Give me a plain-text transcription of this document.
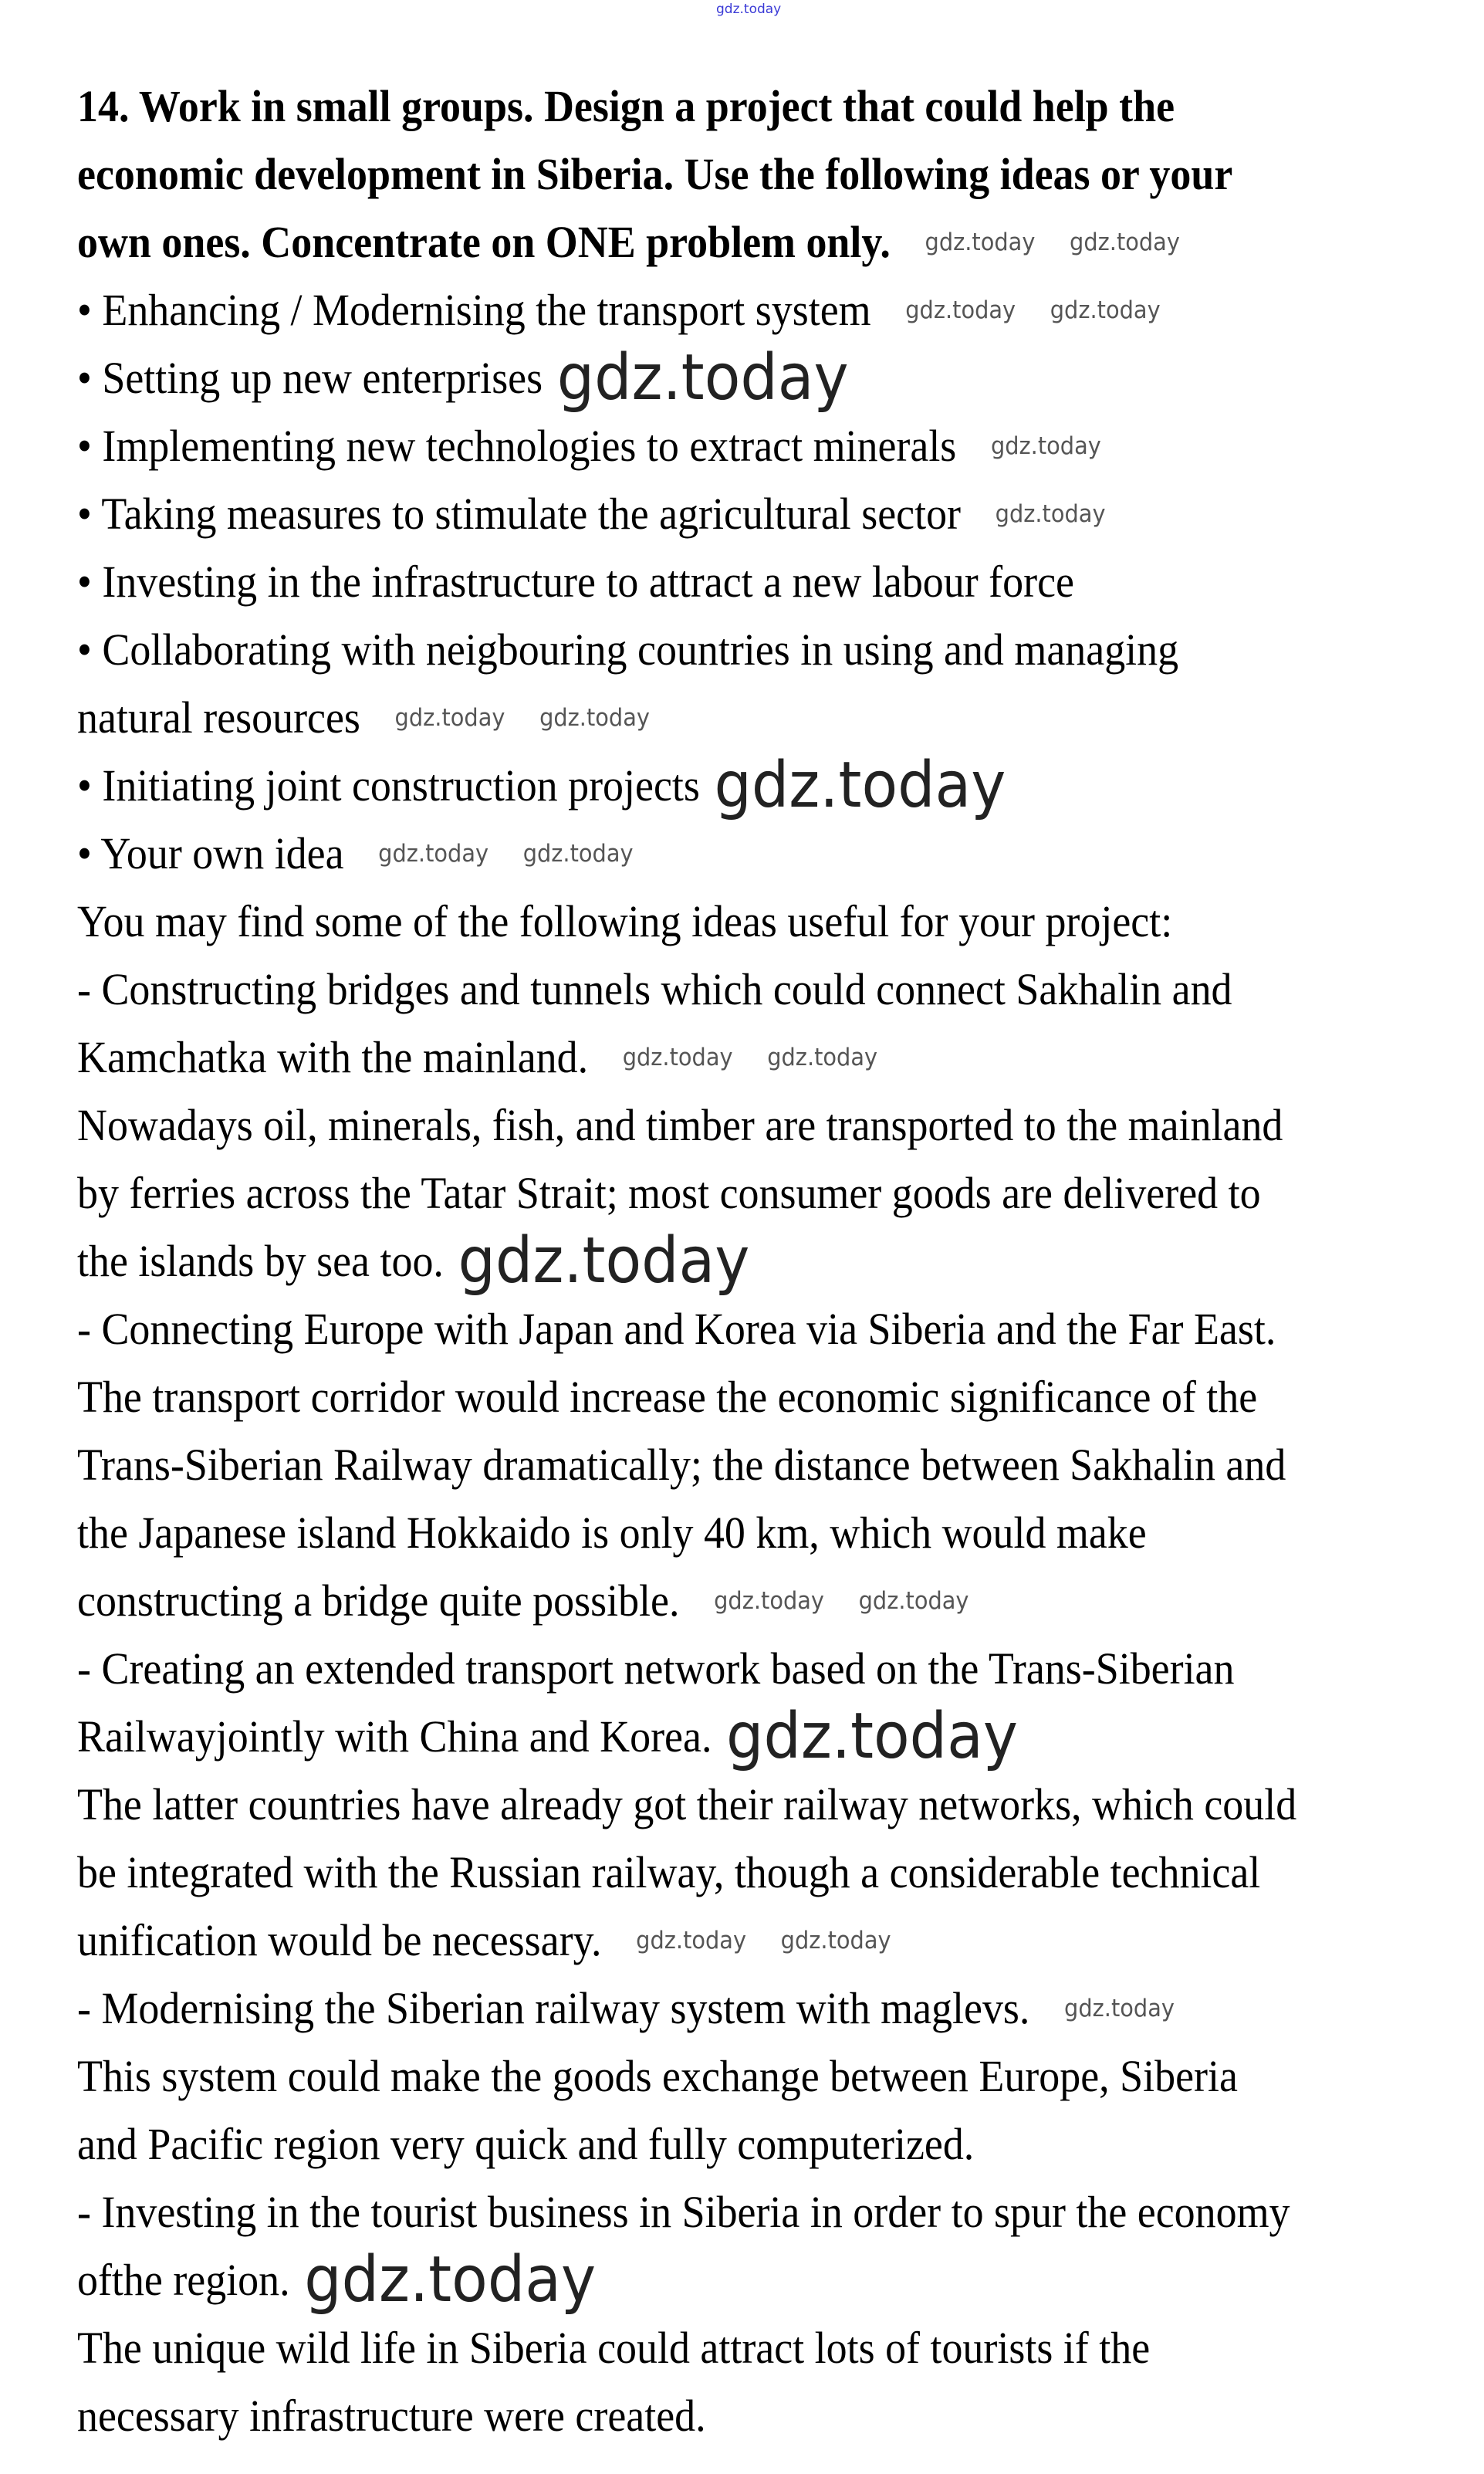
gdz.today
14. Work in small groups. Design a project that could help the
economic development in Siberia. Use the following ideas or your
own ones. Concentrate on ONE problem only. gdz.today gdz.today
• Enhancing / Modernising the transport system gdz.today gdz.today
• Setting up new enterprises gdz.today
• Implementing new technologies to extract minerals gdz.today
• Taking measures to stimulate the agricultural sector gdz.today
• Investing in the infrastructure to attract a new labour force
• Collaborating with neigbouring countries in using and managing
natural resources gdz.today gdz.today
• Initiating joint construction projects gdz.today
• Your own idea gdz.today gdz.today
You may find some of the following ideas useful for your project:
- Constructing bridges and tunnels which could connect Sakhalin and
Kamchatka with the mainland. gdz.today gdz.today
Nowadays oil, minerals, fish, and timber are transported to the mainland
by ferries across the Tatar Strait; most consumer goods are delivered to
the islands by sea too. gdz.today
- Connecting Europe with Japan and Korea via Siberia and the Far East.
The transport corridor would increase the economic significance of the
Trans-Siberian Railway dramatically; the distance between Sakhalin and
the Japanese island Hokkaido is only 40 km, which would make
constructing a bridge quite possible. gdz.today gdz.today
- Creating an extended transport network based on the Trans-Siberian
Railwayjointly with China and Korea. gdz.today
The latter countries have already got their railway networks, which could
be integrated with the Russian railway, though a considerable technical
unification would be necessary. gdz.today gdz.today
- Modernising the Siberian railway system with maglevs. gdz.today
This system could make the goods exchange between Europe, Siberia
and Pacific region very quick and fully computerized.
- Investing in the tourist business in Siberia in order to spur the economy
ofthe region. gdz.today
The unique wild life in Siberia could attract lots of tourists if the
necessary infrastructure were created.
